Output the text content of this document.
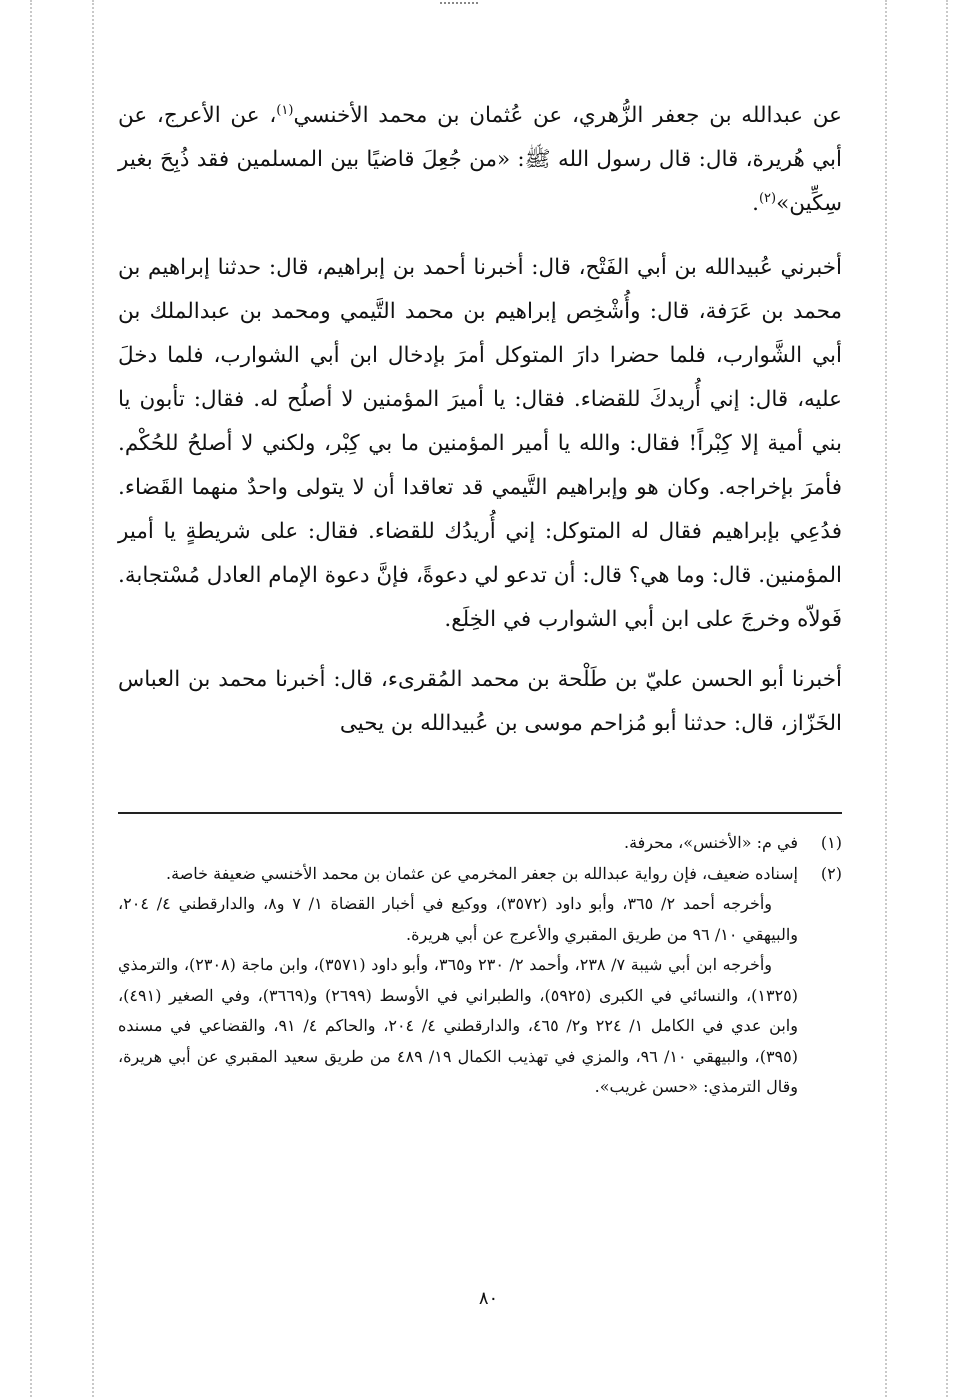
عن عبدالله بن جعفر الزُّهري، عن عُثمان بن محمد الأخنسي$^{(١)}$، عن الأعرج، عن أبي هُريرة، قال: قال رسول الله ﷺ: «من جُعِلَ قاضيًا بين المسلمين فقد ذُبِحَ بغير سِكِّين»$^{(٢)}$.

أخبرني عُبيدالله بن أبي الفَتْح، قال: أخبرنا أحمد بن إبراهيم، قال: حدثنا إبراهيم بن محمد بن عَرَفة، قال: وأُشْخِص إبراهيم بن محمد التَّيمي ومحمد بن عبدالملك بن أبي الشَّوارب، فلما حضرا دارَ المتوكل أمرَ بإدخال ابن أبي الشوارب، فلما دخلَ عليه، قال: إني أُريدكَ للقضاء. فقال: يا أميرَ المؤمنين لا أصلُح له. فقال: تأبون يا بني أمية إلا كِبْراً! فقال: والله يا أمير المؤمنين ما بي كِبْر، ولكني لا أصلحُ للحُكْم. فأمرَ بإخراجه. وكان هو وإبراهيم التَّيمي قد تعاقدا أن لا يتولى واحدٌ منهما القَضاء. فدُعِي بإبراهيم فقال له المتوكل: إني أُريدُك للقضاء. فقال: على شريطةٍ يا أمير المؤمنين. قال: وما هي؟ قال: أن تدعو لي دعوةً، فإنَّ دعوة الإمام العادل مُسْتجابة. فَولاّه وخرجَ على ابن أبي الشوارب في الخِلَع.

أخبرنا أبو الحسن عليّ بن طَلْحة بن محمد المُقرىء، قال: أخبرنا محمد بن العباس الخَزّاز، قال: حدثنا أبو مُزاحم موسى بن عُبيدالله بن يحيى

(١)
في م: «الأخنس»، محرفة.
(٢)
إسناده ضعيف، فإن رواية عبدالله بن جعفر المخرمي عن عثمان بن محمد الأخنسي ضعيفة خاصة.
وأخرجه أحمد ٢/ ٣٦٥، وأبو داود (٣٥٧٢)، ووكيع في أخبار القضاة ١/ ٧ و٨، والدارقطني ٤/ ٢٠٤، والبيهقي ١٠/ ٩٦ من طريق المقبري والأعرج عن أبي هريرة.
وأخرجه ابن أبي شيبة ٧/ ٢٣٨، وأحمد ٢/ ٢٣٠ و٣٦٥، وأبو داود (٣٥٧١)، وابن ماجة (٢٣٠٨)، والترمذي (١٣٢٥)، والنسائي في الكبرى (٥٩٢٥)، والطبراني في الأوسط (٢٦٩٩) و(٣٦٦٩)، وفي الصغير (٤٩١)، وابن عدي في الكامل ١/ ٢٢٤ و٢/ ٤٦٥، والدارقطني ٤/ ٢٠٤، والحاكم ٤/ ٩١، والقضاعي في مسنده (٣٩٥)، والبيهقي ١٠/ ٩٦، والمزي في تهذيب الكمال ١٩/ ٤٨٩ من طريق سعيد المقبري عن أبي هريرة، وقال الترمذي: «حسن غريب».
٨٠
